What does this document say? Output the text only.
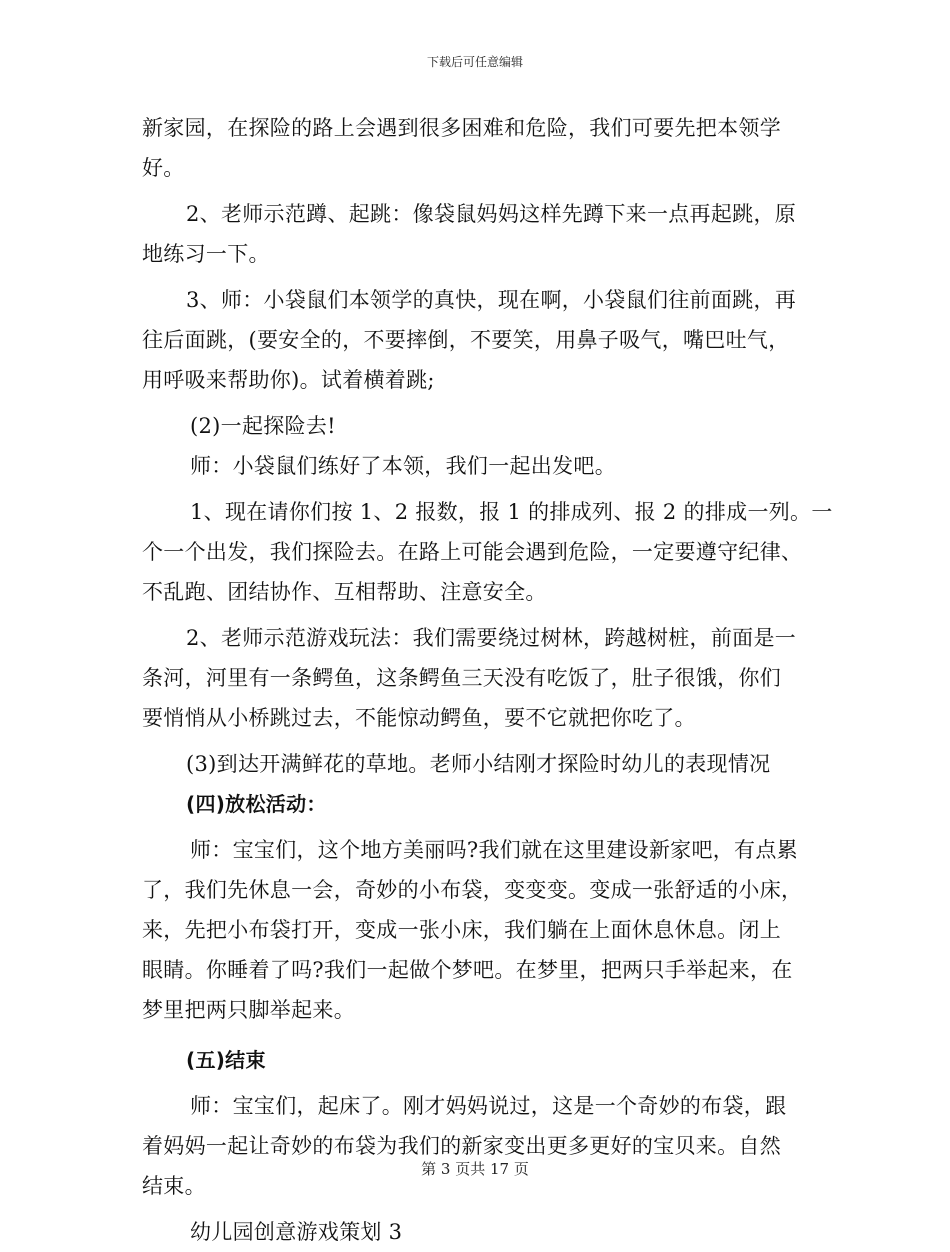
下载后可任意编辑
新家园，在探险的路上会遇到很多困难和危险，我们可要先把本领学
好。
2、老师示范蹲、起跳：像袋鼠妈妈这样先蹲下来一点再起跳，原
地练习一下。
3、师：小袋鼠们本领学的真快，现在啊，小袋鼠们往前面跳，再
往后面跳，(要安全的，不要摔倒，不要笑，用鼻子吸气，嘴巴吐气，
用呼吸来帮助你)。试着横着跳;
(2)一起探险去!
师：小袋鼠们练好了本领，我们一起出发吧。
1、现在请你们按 1、2 报数，报 1 的排成列、报 2 的排成一列。一
个一个出发，我们探险去。在路上可能会遇到危险，一定要遵守纪律、
不乱跑、团结协作、互相帮助、注意安全。
2、老师示范游戏玩法：我们需要绕过树林，跨越树桩，前面是一
条河，河里有一条鳄鱼，这条鳄鱼三天没有吃饭了，肚子很饿，你们
要悄悄从小桥跳过去，不能惊动鳄鱼，要不它就把你吃了。
(3)到达开满鲜花的草地。老师小结刚才探险时幼儿的表现情况
(四)放松活动：
师：宝宝们，这个地方美丽吗?我们就在这里建设新家吧，有点累
了，我们先休息一会，奇妙的小布袋，变变变。变成一张舒适的小床，
来，先把小布袋打开，变成一张小床，我们躺在上面休息休息。闭上
眼睛。你睡着了吗?我们一起做个梦吧。在梦里，把两只手举起来，在
梦里把两只脚举起来。
(五)结束
师：宝宝们，起床了。刚才妈妈说过，这是一个奇妙的布袋，跟
着妈妈一起让奇妙的布袋为我们的新家变出更多更好的宝贝来。自然
结束。
幼儿园创意游戏策划 3
第 3 页共 17 页
